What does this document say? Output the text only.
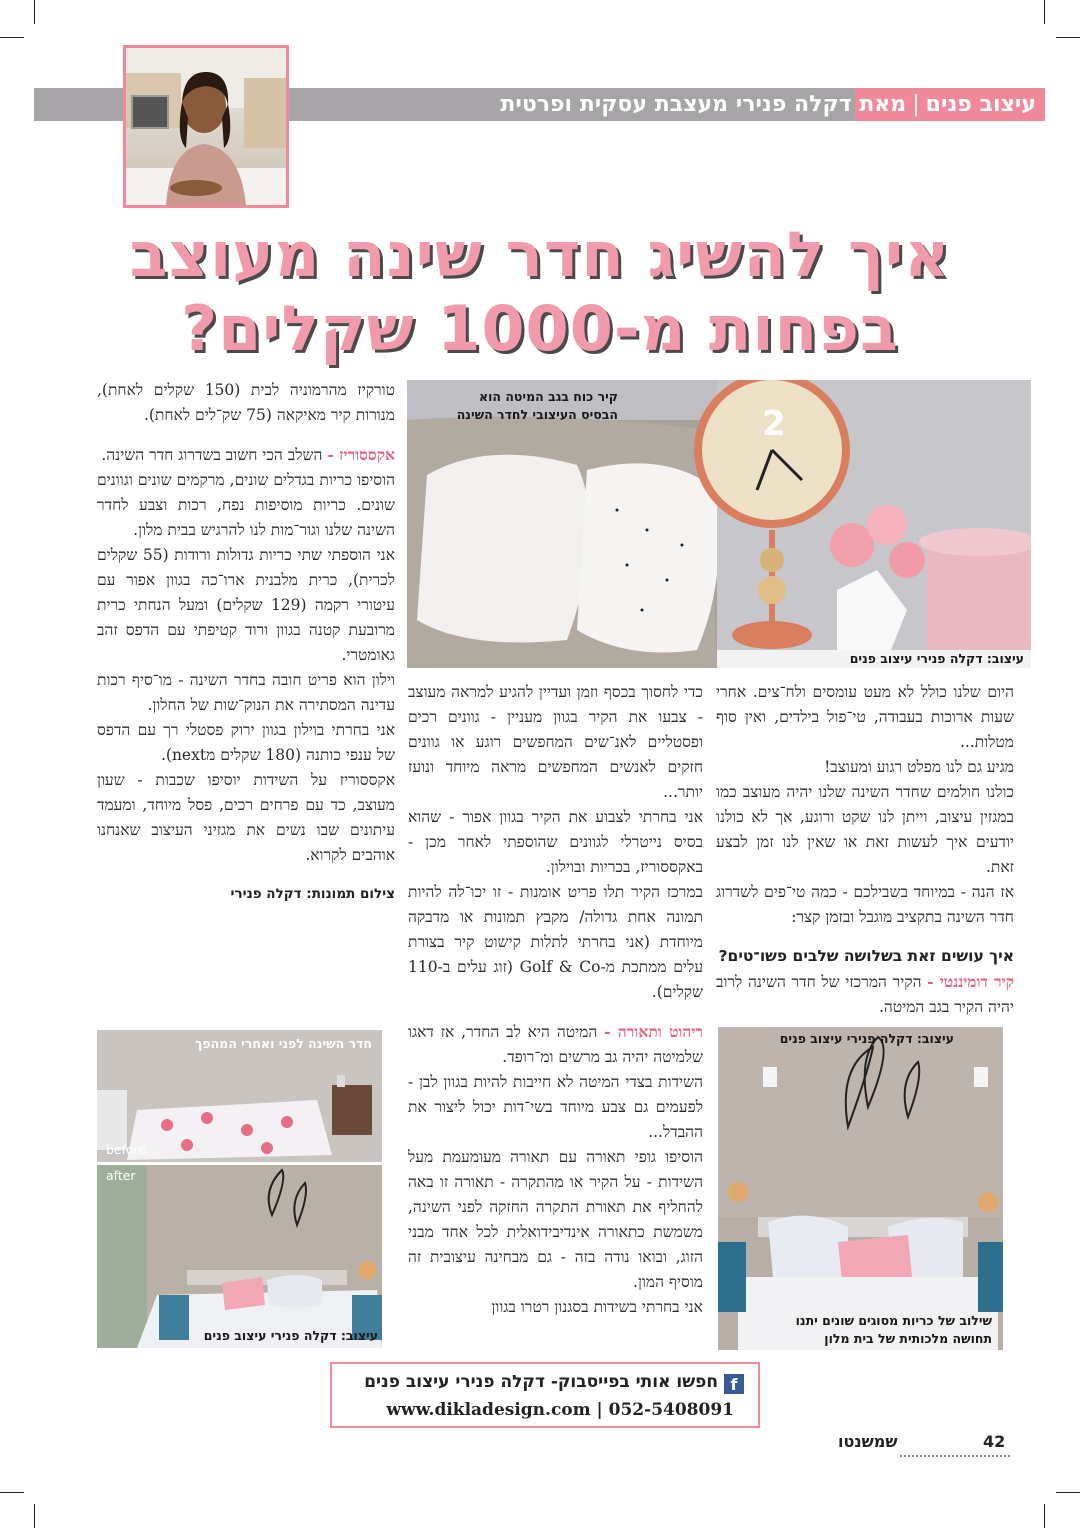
עיצוב פנים|מאת דקלה פנירי מעצבת עסקית ופרטית
איך להשיג חדר שינה מעוצב
בפחות מ-1000 שקלים?
2
קיר כוח בגב המיטה הוא
הבסיס העיצובי לחדר השינה
עיצוב: דקלה פנירי עיצוב פנים

היום שלנו כולל לא מעט עומסים ולח־צים. אחרי שעות ארוכות בעבודה, טי־פול בילדים, ואין סוף מטלות...

מגיע גם לנו מפלט רגוע ומעוצב!

כולנו חולמים שחדר השינה שלנו יהיה מעוצב כמו במגזין עיצוב, וייתן לנו שקט ורוגע, אך לא כולנו יודעים איך לעשות זאת או שאין לנו זמן לבצע זאת.

אז הנה - במיוחד בשבילכם - כמה טי־פים לשדרוג חדר השינה בתקציב מוגבל ובזמן קצר:

איך עושים זאת בשלושה שלבים פשו־טים?

קיר דומיננטי - הקיר המרכזי של חדר השינה לרוב יהיה הקיר בגב המיטה.

עיצוב: דקלה פנירי עיצוב פנים
שילוב של כריות מסוגים שונים יתנו
תחושה מלכותית של בית מלון

כדי לחסוך בכסף וזמן ועדיין להגיע למראה מעוצב - צבעו את הקיר בגוון מעניין - גוונים רכים ופסטליים לאנ־שים המחפשים רוגע או גוונים חזקים לאנשים המחפשים מראה מיוחד ונועז יותר...

אני בחרתי לצבוע את הקיר בגוון אפור - שהוא בסיס נייטרלי לגוונים שהוספתי לאחר מכן - באקססוריז, בכריות ובוילון.

במרכז הקיר תלו פריט אומנות - זו יכו־לה להיות תמונה אחת גדולה/ מקבץ תמונות או מדבקה מיוחדת (אני בחרתי לתלות קישוט קיר בצורת עלים ממתכת מ-Golf & Co (זוג עלים ב-110 שקלים).

ריהוט ותאורה - המיטה היא לב החדר, אז דאגו שלמיטה יהיה גב מרשים ומ־רופד.

השידות בצדי המיטה לא חייבות להיות בגוון לבן - לפעמים גם צבע מיוחד בשי־דות יכול ליצור את ההבדל...

הוסיפו גופי תאורה עם תאורה מעומעמת מעל השידות - על הקיר או מהתקרה - תאורה זו באה להחליף את תאורת התקרה החזקה לפני השינה, משמשת כתאורה אינדיבידואלית לכל אחד מבני הזוג, ובואו נודה בזה - גם מבחינה עיצובית זה מוסיף המון.

אני בחרתי בשידות בסגנון רטרו בגוון

טורקיז מהרמוניה לבית (150 שקלים לאחת), מנורות קיר מאיקאה (75 שק־לים לאחת).

אקססוריז - השלב הכי חשוב בשדרוג חדר השינה.

הוסיפו כריות בגדלים שונים, מרקמים שונים וגוונים שונים. כריות מוסיפות נפח, רכות וצבע לחדר השינה שלנו וגור־מות לנו להרגיש בבית מלון.

אני הוספתי שתי כריות גדולות ורודות (55 שקלים לכרית), כרית מלבנית ארו־כה בגוון אפור עם עיטורי רקמה (129 שקלים) ומעל הנחתי כרית מרובעת קטנה בגוון ורוד קטיפתי עם הדפס זהב גאומטרי.

וילון הוא פריט חובה בחדר השינה - מו־סיף רכות עדינה המסתירה את הנוק־שות של החלון.

אני בחרתי בוילון בגוון ירוק פסטלי רך עם הדפס של ענפי כותנה (180 שקלים מnext).

אקססוריז על השידות יוסיפו שכבות - שעון מעוצב, כד עם פרחים רכים, פסל מיוחד, ומעמד עיתונים שבו נשים את מגזיני העיצוב שאנחנו אוהבים לקרוא.

צילום תמונות: דקלה פנירי

חדר השינה לפני ואחרי המהפך
before
after
עיצוב: דקלה פנירי עיצוב פנים
fחפשו אותי בפייסבוק- דקלה פנירי עיצוב פנים
www.dikladesign.com | 052-5408091
42
שמשנטו
